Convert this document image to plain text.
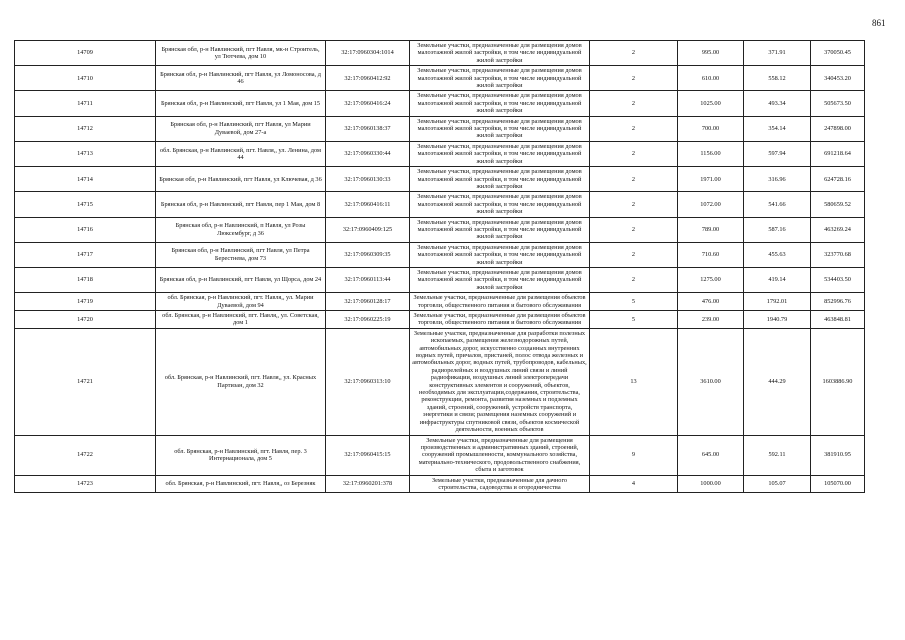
861
14709	Брянская обл, р-н Навлинский, пгт Навля, мк-н Строитель, ул Тютчева, дом 10	32:17:0960304:1014	Земельные участки, предназначенные для размещения домов малоэтажной жилой застройки, в том числе индивидуальной жилой застройки	2	995.00	371.91	370050.45
14710	Брянская обл, р-н Навлинский, пгт Навля, ул Ломоносова, д 46	32:17:0960412:92	Земельные участки, предназначенные для размещения домов малоэтажной жилой застройки, в том числе индивидуальной жилой застройки	2	610.00	558.12	340453.20
14711	Брянская обл, р-н Навлинский, пгт Навля, ул 1 Мая, дом 15	32:17:0960416:24	Земельные участки, предназначенные для размещения домов малоэтажной жилой застройки, в том числе индивидуальной жилой застройки	2	1025.00	493.34	505673.50
14712	Брянская обл, р-н Навлинский, пгт Навля, ул Марии Дуваевой, дом 27-а	32:17:0960138:37	Земельные участки, предназначенные для размещения домов малоэтажной жилой застройки, в том числе индивидуальной жилой застройки	2	700.00	354.14	247898.00
14713	обл. Брянская, р-н Навлинский, пгт. Навля,, ул. Ленина, дом 44	32:17:0960330:44	Земельные участки, предназначенные для размещения домов малоэтажной жилой застройки, в том числе индивидуальной жилой застройки	2	1156.00	597.94	691218.64
14714	Брянская обл, р-н Навлинский, пгт Навля, ул Ключевая, д 36	32:17:0960130:33	Земельные участки, предназначенные для размещения домов малоэтажной жилой застройки, в том числе индивидуальной жилой застройки	2	1971.00	316.96	624728.16
14715	Брянская обл, р-н Навлинский, пгт Навля, пер 1 Мая, дом 8	32:17:0960416:11	Земельные участки, предназначенные для размещения домов малоэтажной жилой застройки, в том числе индивидуальной жилой застройки	2	1072.00	541.66	580659.52
14716	Брянская обл, р-н Навлинский, п Навля, ул Розы Люксембург, д 36	32:17:0960409:125	Земельные участки, предназначенные для размещения домов малоэтажной жилой застройки, в том числе индивидуальной жилой застройки	2	789.00	587.16	463269.24
14717	Брянская обл, р-н Навлинский, пгт Навля, ул Петра Берестнева, дом 73	32:17:0960309:35	Земельные участки, предназначенные для размещения домов малоэтажной жилой застройки, в том числе индивидуальной жилой застройки	2	710.60	455.63	323770.68
14718	Брянская обл, р-н Навлинский, пгт Навля, ул Щорса, дом 24	32:17:0960113:44	Земельные участки, предназначенные для размещения домов малоэтажной жилой застройки, в том числе индивидуальной жилой застройки	2	1275.00	419.14	534403.50
14719	обл. Брянская, р-н Навлинский, пгт. Навля,, ул. Марии Дуваевой, дом 94	32:17:0960128:17	Земельные участки, предназначенные для размещения объектов торговли, общественного питания и бытового обслуживания	5	476.00	1792.01	852996.76
14720	обл. Брянская, р-н Навлинский, пгт. Навля,, ул. Советская, дом 1	32:17:0960225:19	Земельные участки, предназначенные для размещения объектов торговли, общественного питания и бытового обслуживания	5	239.00	1940.79	463848.81
14721	обл. Брянская, р-н Навлинский, пгт. Навля,, ул. Красных Партизан, дом 32	32:17:0960313:10	Земельные участки, предназначенные для разработки полезных ископаемых, размещения железнодорожных путей, автомобильных дорог, искусственно созданных внутренних водных путей, причалов, пристаней, полос отвода железных и автомобильных дорог, водных путей, трубопроводов, кабельных, радиорелейных и воздушных линий связи и линий радиофикации, воздушных линий электропередачи конструктивных элементов и сооружений, объектов, необходимых для эксплуатации,содержания, строительства, реконструкции, ремонта, развития наземных и подземных зданий, строений, сооружений, устройств транспорта, энергетики и связи; размещения наземных сооружений и инфраструктуры спутниковой связи, объектов космической деятельности, военных объектов	13	3610.00	444.29	1603886.90
14722	обл. Брянская, р-н Навлинский, пгт. Навля, пер. 3 Интернационала, дом 5	32:17:0960415:15	Земельные участки, предназначенные для размещения производственных и административных зданий, строений, сооружений промышленности, коммунального хозяйства, материально-технического, продовольственного снабжения, сбыта и заготовок	9	645.00	592.11	381910.95
14723	обл. Брянская, р-н Навлинский, пгт. Навля,, оз Березняк	32:17:0960201:378	Земельные участки, предназначенные для дачного строительства, садоводства и огородничества	4	1000.00	105.07	105070.00
